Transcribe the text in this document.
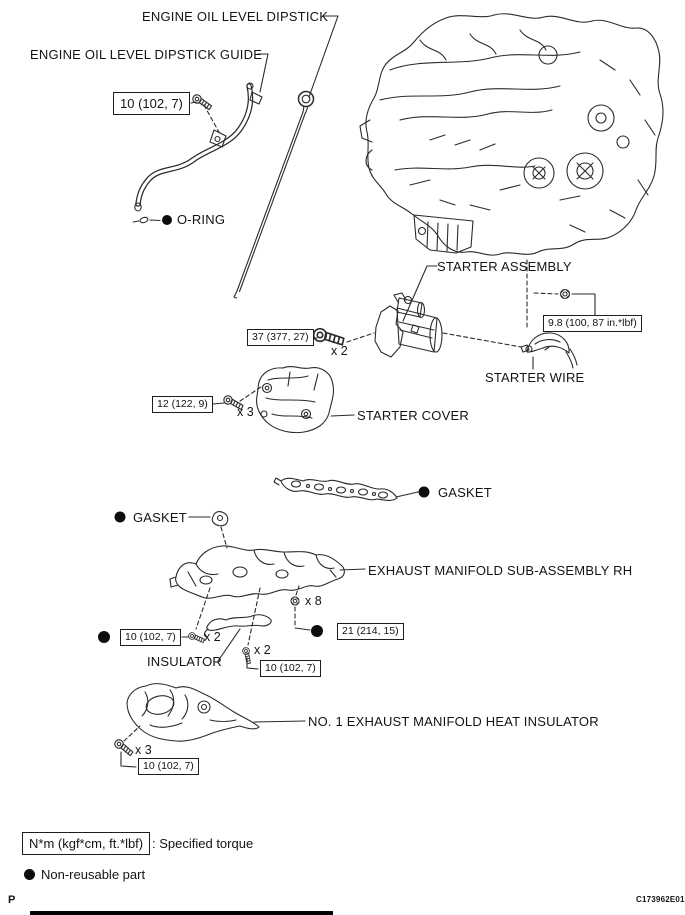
ENGINE OIL LEVEL DIPSTICK
ENGINE OIL LEVEL DIPSTICK GUIDE
O-RING
STARTER ASSEMBLY
STARTER WIRE
STARTER COVER
GASKET
GASKET
EXHAUST MANIFOLD SUB-ASSEMBLY RH
INSULATOR
NO. 1 EXHAUST MANIFOLD HEAT INSULATOR
10 (102, 7)
37 (377, 27)
9.8 (100, 87 in.*lbf)
12 (122, 9)
21 (214, 15)
10 (102, 7)
10 (102, 7)
10 (102, 7)
x 2
x 3
x 8
x 2
x 2
x 3
N*m (kgf*cm, ft.*lbf) : Specified torque
Non-reusable part
P	C173962E01
